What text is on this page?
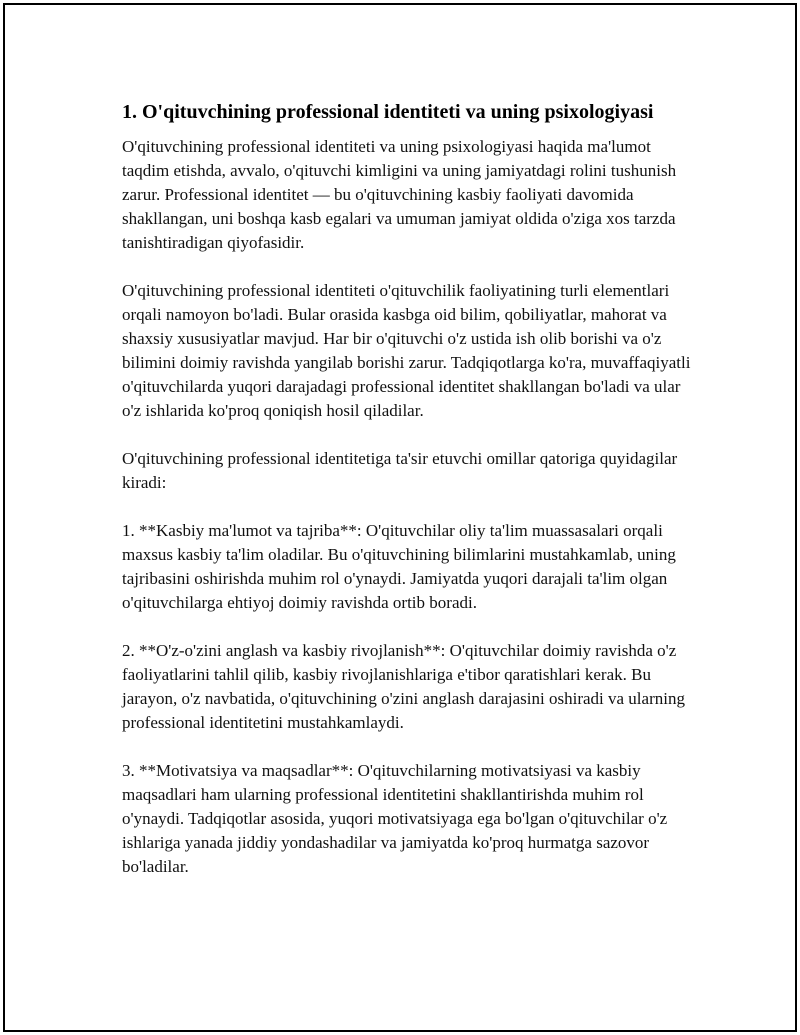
1. O'qituvchining professional identiteti va uning psixologiyasi

O'qituvchining professional identiteti va uning psixologiyasi haqida ma'lumot taqdim etishda, avvalo, o'qituvchi kimligini va uning jamiyatdagi rolini tushunish zarur. Professional identitet — bu o'qituvchining kasbiy faoliyati davomida shakllangan, uni boshqa kasb egalari va umuman jamiyat oldida o'ziga xos tarzda tanishtiradigan qiyofasidir.

O'qituvchining professional identiteti o'qituvchilik faoliyatining turli elementlari orqali namoyon bo'ladi. Bular orasida kasbga oid bilim, qobiliyatlar, mahorat va shaxsiy xususiyatlar mavjud. Har bir o'qituvchi o'z ustida ish olib borishi va o'z bilimini doimiy ravishda yangilab borishi zarur. Tadqiqotlarga ko'ra, muvaffaqiyatli o'qituvchilarda yuqori darajadagi professional identitet shakllangan bo'ladi va ular o'z ishlarida ko'proq qoniqish hosil qiladilar.

O'qituvchining professional identitetiga ta'sir etuvchi omillar qatoriga quyidagilar kiradi:

1. **Kasbiy ma'lumot va tajriba**: O'qituvchilar oliy ta'lim muassasalari orqali maxsus kasbiy ta'lim oladilar. Bu o'qituvchining bilimlarini mustahkamlab, uning tajribasini oshirishda muhim rol o'ynaydi. Jamiyatda yuqori darajali ta'lim olgan o'qituvchilarga ehtiyoj doimiy ravishda ortib boradi.

2. **O'z-o'zini anglash va kasbiy rivojlanish**: O'qituvchilar doimiy ravishda o'z faoliyatlarini tahlil qilib, kasbiy rivojlanishlariga e'tibor qaratishlari kerak. Bu jarayon, o'z navbatida, o'qituvchining o'zini anglash darajasini oshiradi va ularning professional identitetini mustahkamlaydi.

3. **Motivatsiya va maqsadlar**: O'qituvchilarning motivatsiyasi va kasbiy maqsadlari ham ularning professional identitetini shakllantirishda muhim rol o'ynaydi. Tadqiqotlar asosida, yuqori motivatsiyaga ega bo'lgan o'qituvchilar o'z ishlariga yanada jiddiy yondashadilar va jamiyatda ko'proq hurmatga sazovor bo'ladilar.
